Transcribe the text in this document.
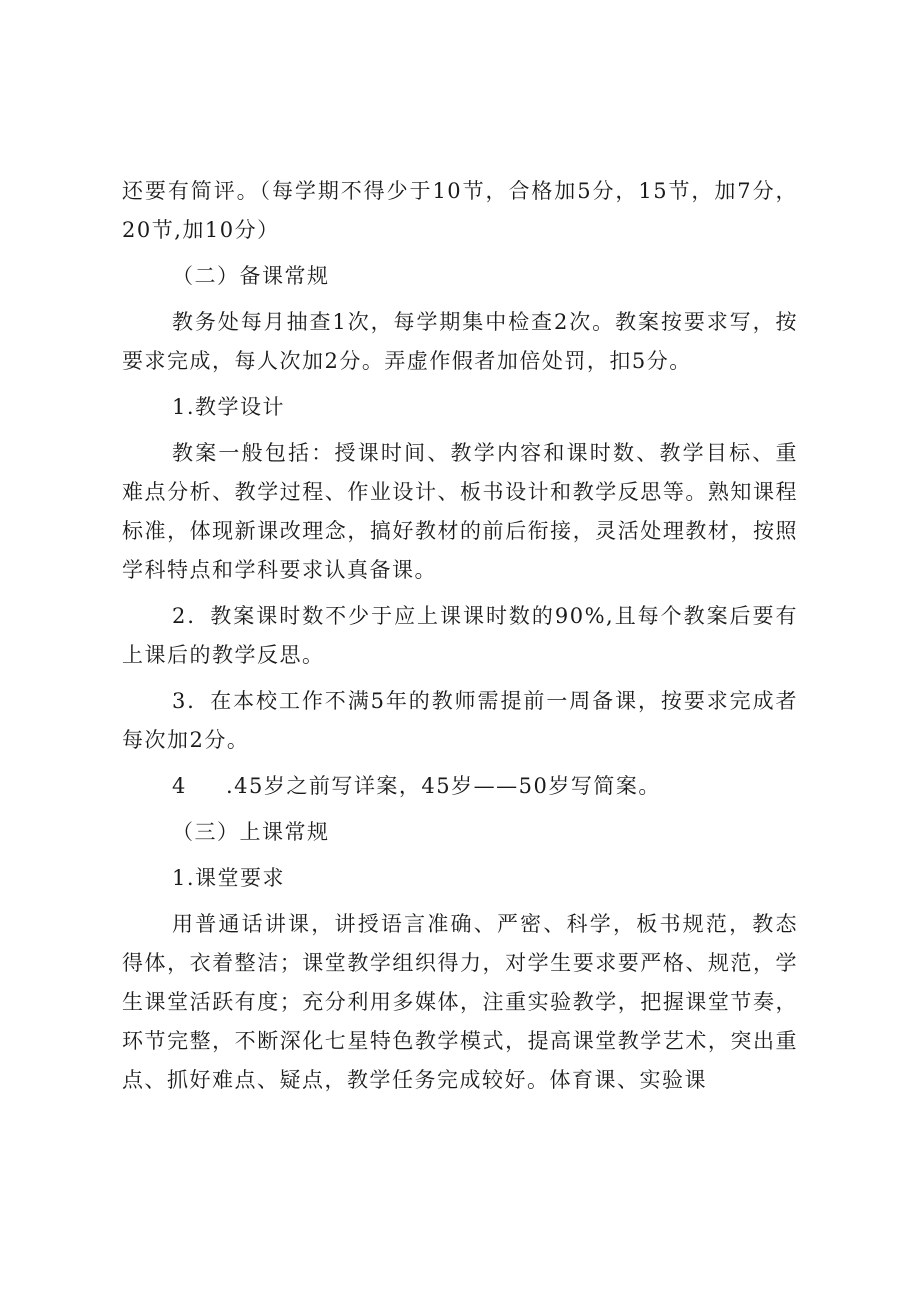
还要有简评。（每学期不得少于10节，合格加5分，15节，加7分，20节,加10分）

（二）备课常规

教务处每月抽查1次，每学期集中检查2次。教案按要求写，按要求完成，每人次加2分。弄虚作假者加倍处罚，扣5分。

1.教学设计

教案一般包括：授课时间、教学内容和课时数、教学目标、重难点分析、教学过程、作业设计、板书设计和教学反思等。熟知课程标准，体现新课改理念，搞好教材的前后衔接，灵活处理教材，按照学科特点和学科要求认真备课。

2．教案课时数不少于应上课课时数的90%,且每个教案后要有上课后的教学反思。

3．在本校工作不满5年的教师需提前一周备课，按要求完成者每次加2分。

4 .45岁之前写详案，45岁——50岁写简案。

（三）上课常规

1.课堂要求

用普通话讲课，讲授语言准确、严密、科学，板书规范，教态得体，衣着整洁；课堂教学组织得力，对学生要求要严格、规范，学生课堂活跃有度；充分利用多媒体，注重实验教学，把握课堂节奏，环节完整，不断深化七星特色教学模式，提高课堂教学艺术，突出重点、抓好难点、疑点，教学任务完成较好。体育课、实验课
